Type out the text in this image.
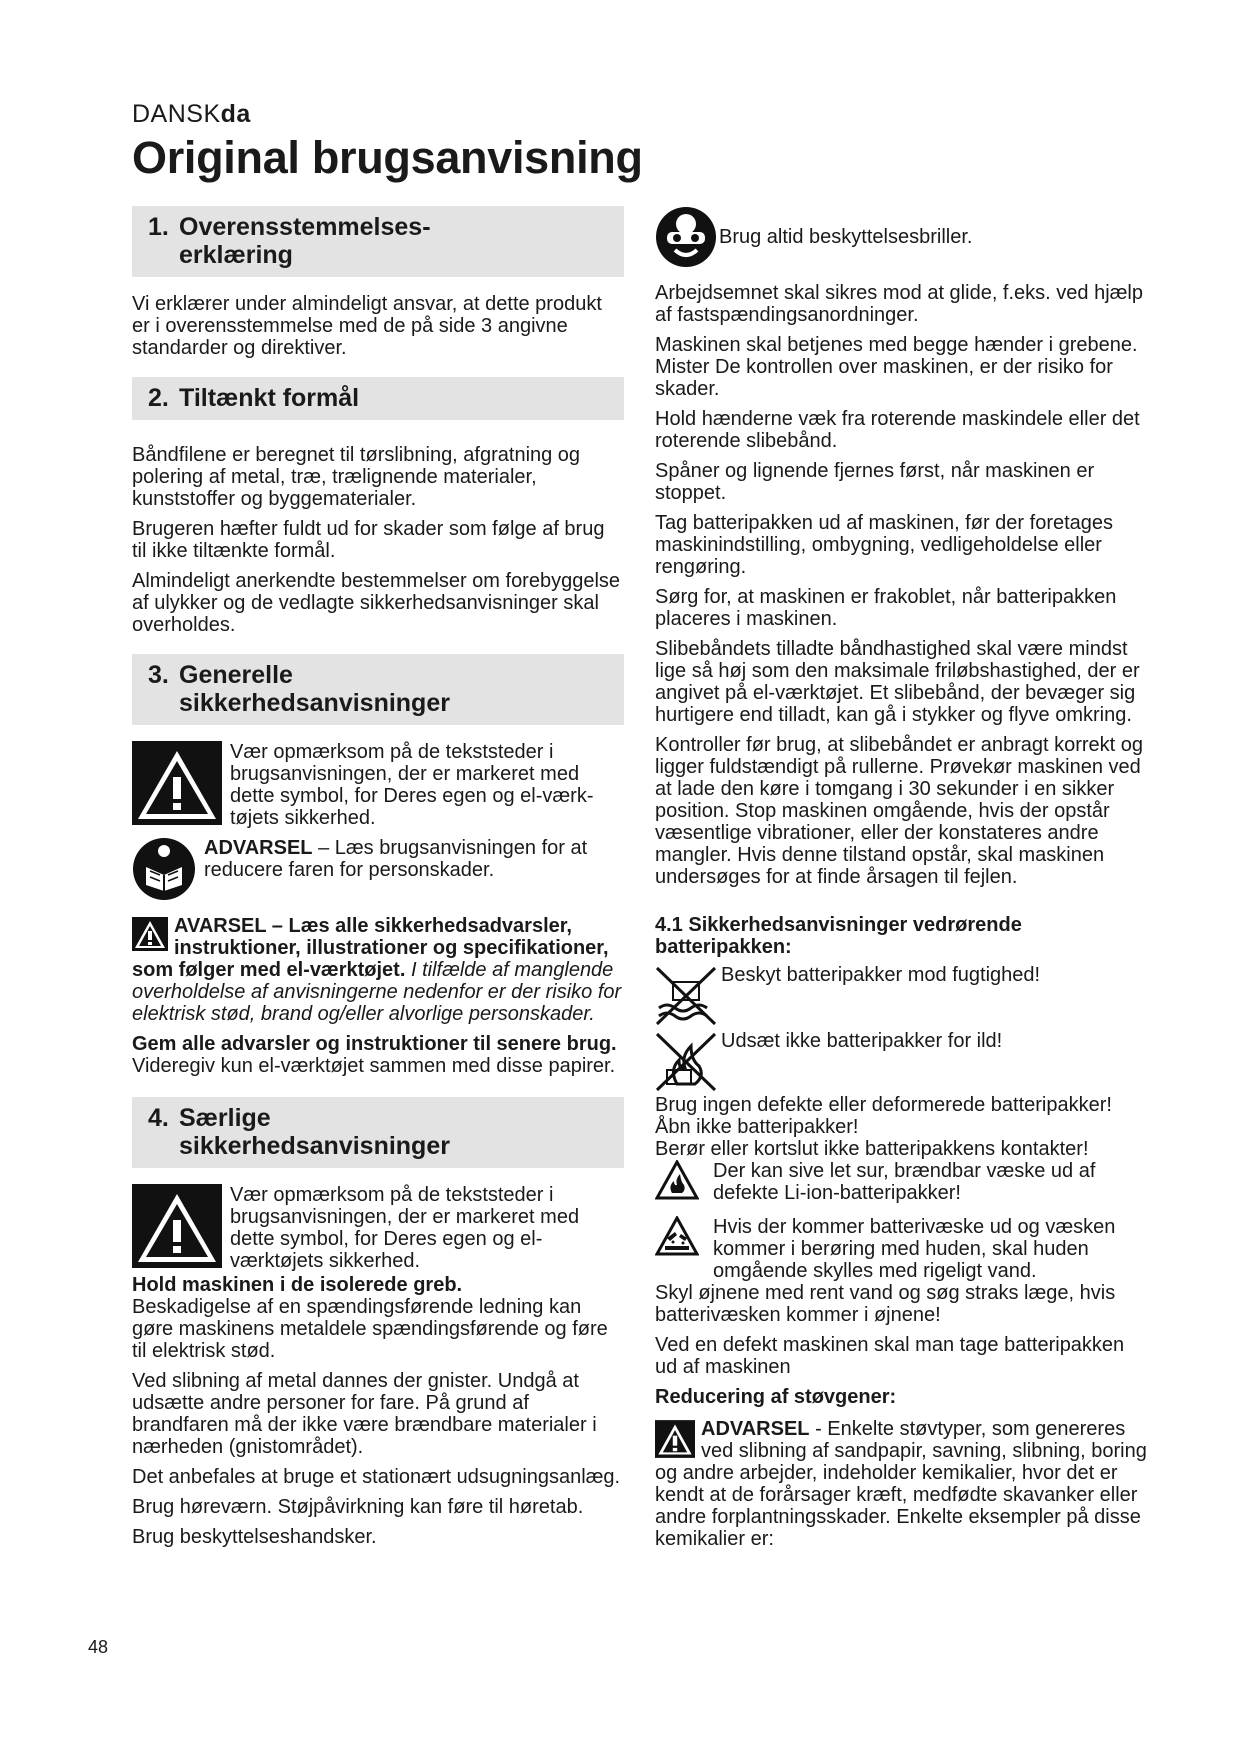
DANSKda
Original brugsanvisning
1. Overensstemmelses-
erklæring

Vi erklærer under almindeligt ansvar, at dette produkt er i overensstemmelse med de på side 3 angivne standarder og direktiver.

2. Tiltænkt formål

Båndfilene er beregnet til tørslibning, afgratning og polering af metal, træ, trælignende materialer, kunststoffer og byggematerialer.

Brugeren hæfter fuldt ud for skader som følge af brug til ikke tiltænkte formål.

Almindeligt anerkendte bestemmelser om forebyggelse af ulykker og de vedlagte sikkerhedsanvisninger skal overholdes.

3. Generelle
sikkerhedsanvisninger
Vær opmærksom på de tekststeder i brugsanvisningen, der er markeret med dette symbol, for Deres egen og el-værk-tøjets sikkerhed.
ADVARSEL – Læs brugsanvisningen for at reducere faren for personskader.

AVARSEL – Læs alle sikkerhedsadvarsler, instruktioner, illustrationer og specifikationer, som følger med el-værktøjet. I tilfælde af manglende overholdelse af anvisningerne nedenfor er der risiko for elektrisk stød, brand og/eller alvorlige personskader.

Gem alle advarsler og instruktioner til senere brug. Videregiv kun el-værktøjet sammen med disse papirer.

4. Særlige
sikkerhedsanvisninger
Vær opmærksom på de tekststeder i brugsanvisningen, der er markeret med dette symbol, for Deres egen og el-værktøjets sikkerhed.
Hold maskinen i de isolerede greb.

Beskadigelse af en spændingsførende ledning kan gøre maskinens metaldele spændingsførende og føre til elektrisk stød.

Ved slibning af metal dannes der gnister. Undgå at udsætte andre personer for fare. På grund af brandfaren må der ikke være brændbare materialer i nærheden (gnistområdet).

Det anbefales at bruge et stationært udsugningsanlæg.

Brug høreværn. Støjpåvirkning kan føre til høretab.

Brug beskyttelseshandsker.

Brug altid beskyttelsesbriller.

Arbejdsemnet skal sikres mod at glide, f.eks. ved hjælp af fastspændingsanordninger.

Maskinen skal betjenes med begge hænder i grebene. Mister De kontrollen over maskinen, er der risiko for skader.

Hold hænderne væk fra roterende maskindele eller det roterende slibebånd.

Spåner og lignende fjernes først, når maskinen er stoppet.

Tag batteripakken ud af maskinen, før der foretages maskinindstilling, ombygning, vedligeholdelse eller rengøring.

Sørg for, at maskinen er frakoblet, når batteripakken placeres i maskinen.

Slibebåndets tilladte båndhastighed skal være mindst lige så høj som den maksimale friløbshastighed, der er angivet på el-værktøjet. Et slibebånd, der bevæger sig hurtigere end tilladt, kan gå i stykker og flyve omkring.

Kontroller før brug, at slibebåndet er anbragt korrekt og ligger fuldstændigt på rullerne. Prøvekør maskinen ved at lade den køre i tomgang i 30 sekunder i en sikker position. Stop maskinen omgående, hvis der opstår væsentlige vibrationer, eller der konstateres andre mangler. Hvis denne tilstand opstår, skal maskinen undersøges for at finde årsagen til fejlen.

4.1 Sikkerhedsanvisninger vedrørende batteripakken:
Beskyt batteripakker mod fugtighed!
Udsæt ikke batteripakker for ild!
Brug ingen defekte eller deformerede batteripakker!
Åbn ikke batteripakker!
Berør eller kortslut ikke batteripakkens kontakter!
Der kan sive let sur, brændbar væske ud af defekte Li-ion-batteripakker!
Hvis der kommer batterivæske ud og væsken kommer i berøring med huden, skal huden omgående skylles med rigeligt vand.

Skyl øjnene med rent vand og søg straks læge, hvis batterivæsken kommer i øjnene!

Ved en defekt maskinen skal man tage batteripakken ud af maskinen

Reducering af støvgener:

ADVARSEL - Enkelte støvtyper, som genereres ved slibning af sandpapir, savning, slibning, boring og andre arbejder, indeholder kemikalier, hvor det er kendt at de forårsager kræft, medfødte skavanker eller andre forplantningsskader. Enkelte eksempler på disse kemikalier er:

48
